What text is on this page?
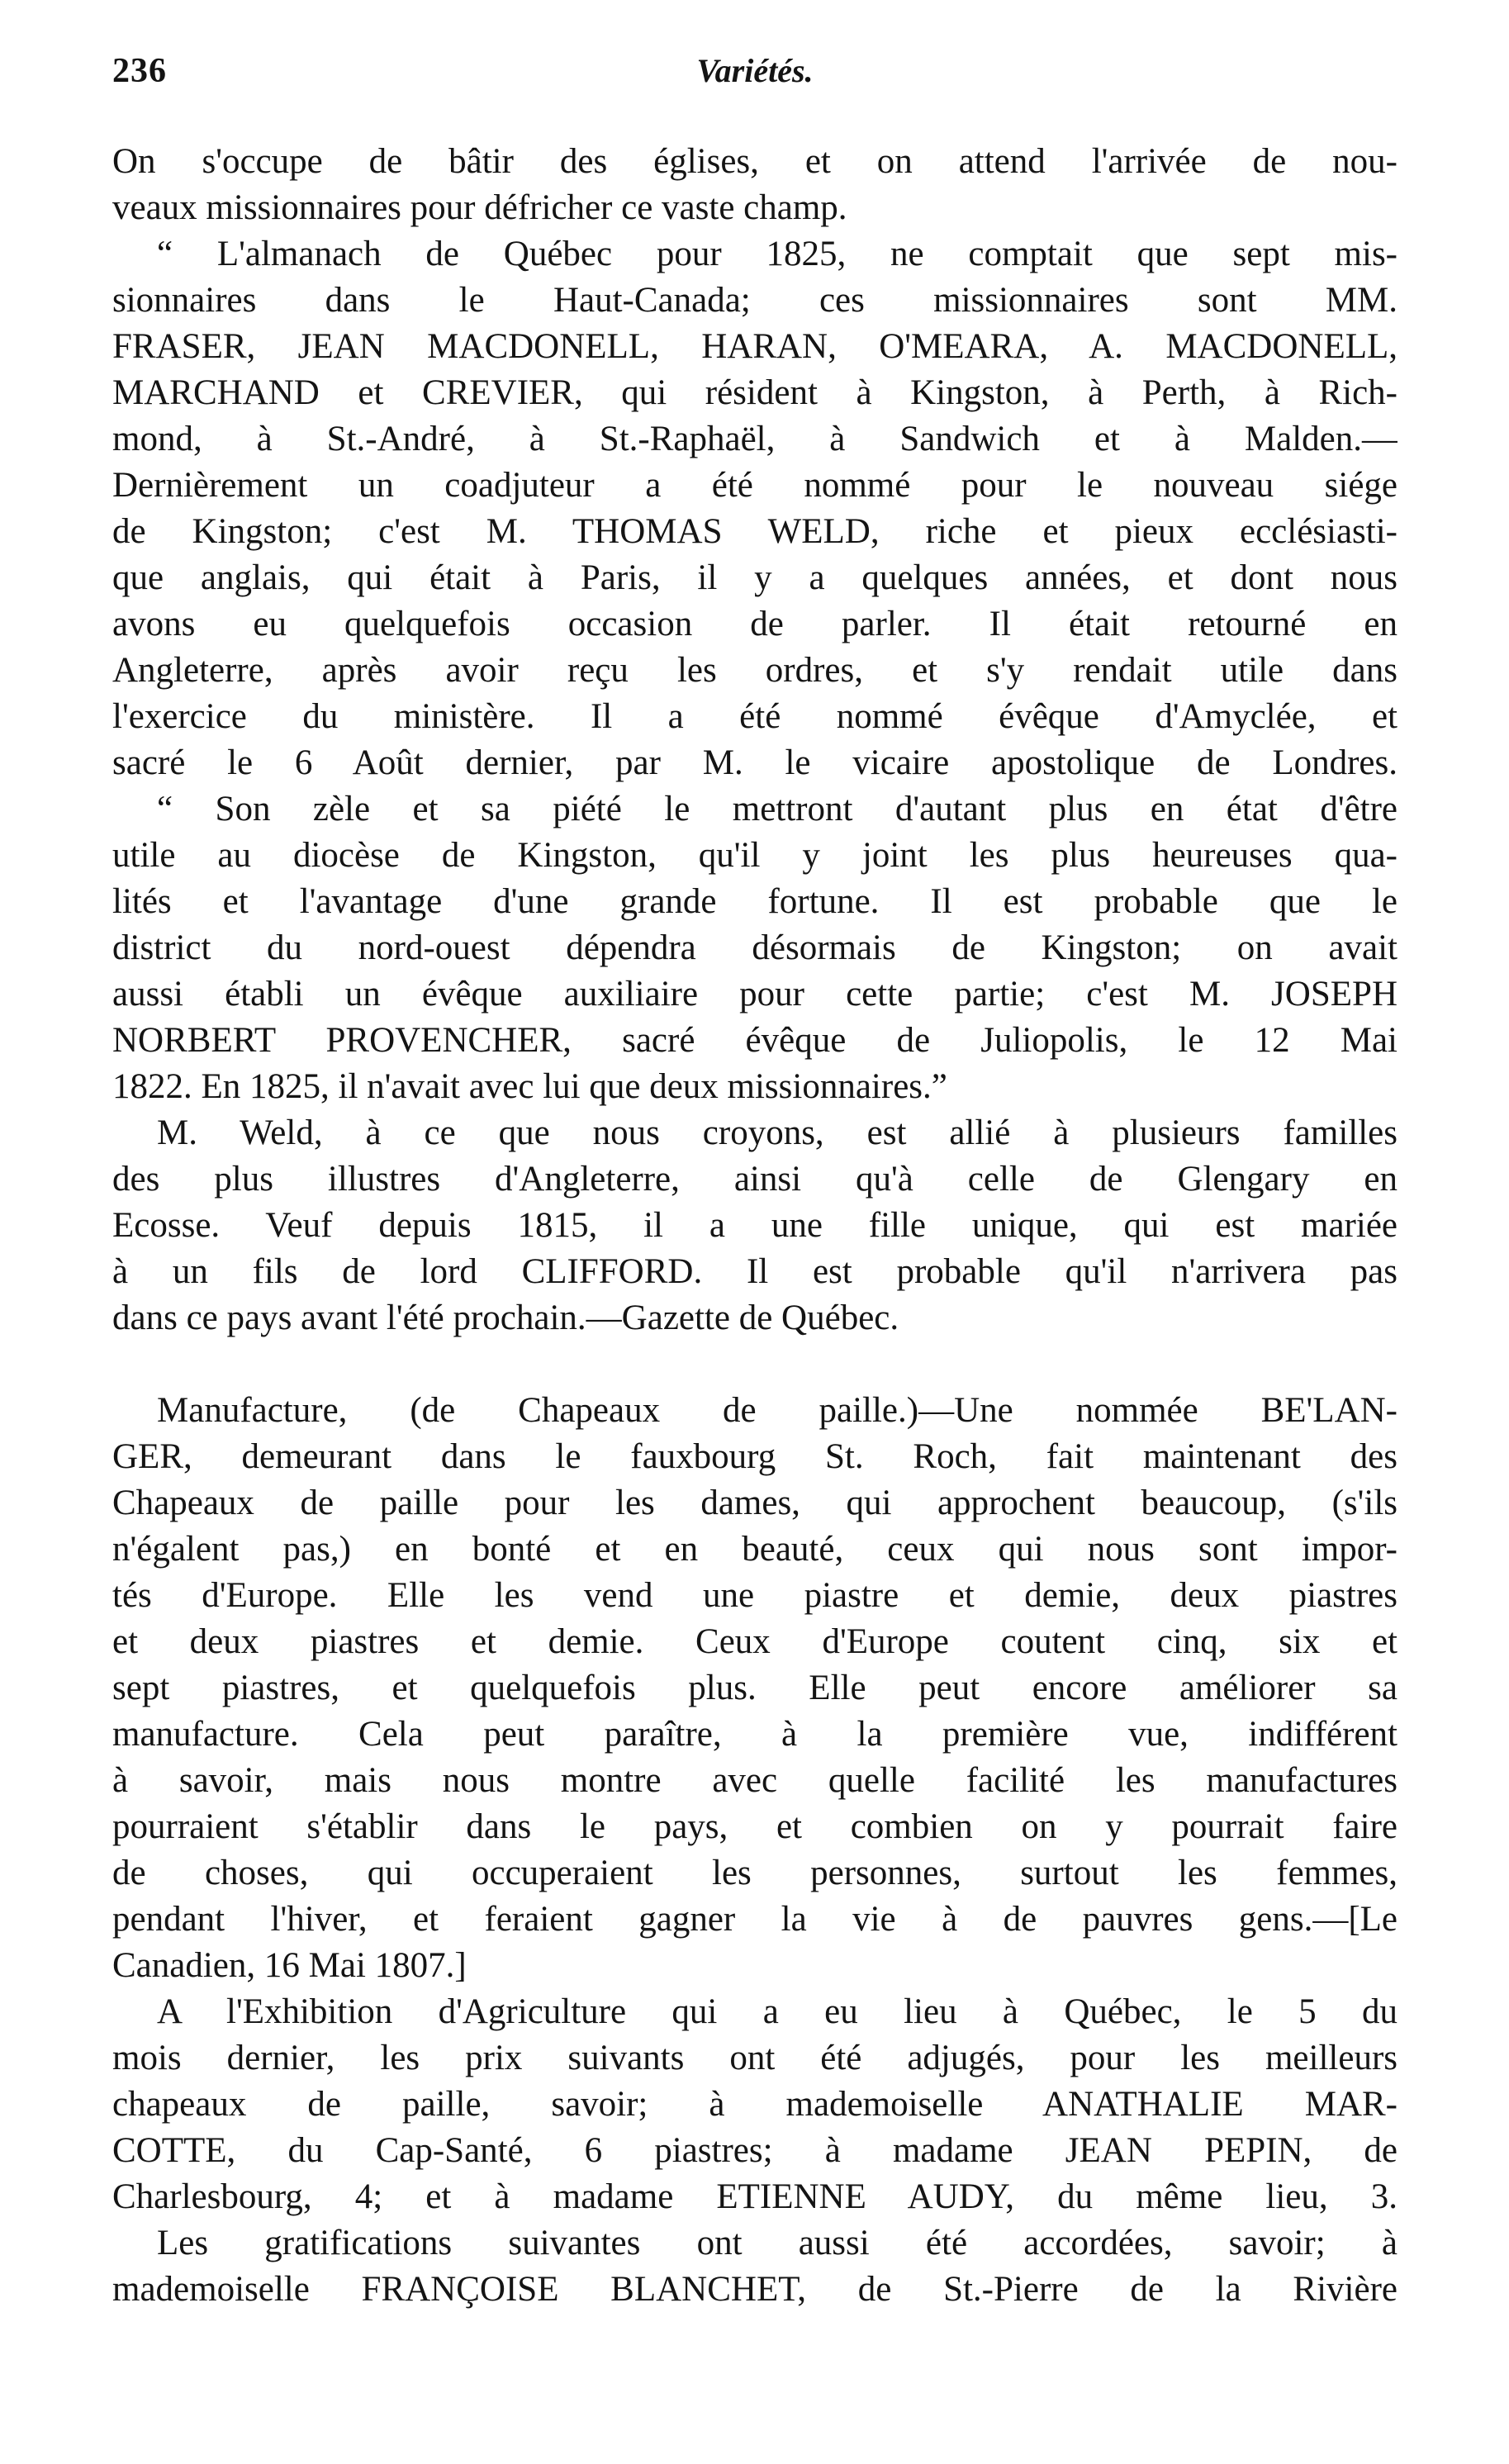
236	Variétés.
On s'occupe de bâtir des églises, et on attend l'arrivée de nou-
veaux missionnaires pour défricher ce vaste champ.
“ L'almanach de Québec pour 1825, ne comptait que sept mis-
sionnaires dans le Haut-Canada; ces missionnaires sont MM.
FRASER, JEAN MACDONELL, HARAN, O'MEARA, A. MACDONELL,
MARCHAND et CREVIER, qui résident à Kingston, à Perth, à Rich-
mond, à St.-André, à St.-Raphaël, à Sandwich et à Malden.—
Dernièrement un coadjuteur a été nommé pour le nouveau siége
de Kingston; c'est M. THOMAS WELD, riche et pieux ecclésiasti-
que anglais, qui était à Paris, il y a quelques années, et dont nous
avons eu quelquefois occasion de parler. Il était retourné en
Angleterre, après avoir reçu les ordres, et s'y rendait utile dans
l'exercice du ministère. Il a été nommé évêque d'Amyclée, et
sacré le 6 Août dernier, par M. le vicaire apostolique de Londres.
“ Son zèle et sa piété le mettront d'autant plus en état d'être
utile au diocèse de Kingston, qu'il y joint les plus heureuses qua-
lités et l'avantage d'une grande fortune. Il est probable que le
district du nord-ouest dépendra désormais de Kingston; on avait
aussi établi un évêque auxiliaire pour cette partie; c'est M. JOSEPH
NORBERT PROVENCHER, sacré évêque de Juliopolis, le 12 Mai
1822. En 1825, il n'avait avec lui que deux missionnaires.”
M. Weld, à ce que nous croyons, est allié à plusieurs familles
des plus illustres d'Angleterre, ainsi qu'à celle de Glengary en
Ecosse. Veuf depuis 1815, il a une fille unique, qui est mariée
à un fils de lord CLIFFORD. Il est probable qu'il n'arrivera pas
dans ce pays avant l'été prochain.—Gazette de Québec.
Manufacture, (de Chapeaux de paille.)—Une nommée BE'LAN-
GER, demeurant dans le fauxbourg St. Roch, fait maintenant des
Chapeaux de paille pour les dames, qui approchent beaucoup, (s'ils
n'égalent pas,) en bonté et en beauté, ceux qui nous sont impor-
tés d'Europe. Elle les vend une piastre et demie, deux piastres
et deux piastres et demie. Ceux d'Europe coutent cinq, six et
sept piastres, et quelquefois plus. Elle peut encore améliorer sa
manufacture. Cela peut paraître, à la première vue, indifférent
à savoir, mais nous montre avec quelle facilité les manufactures
pourraient s'établir dans le pays, et combien on y pourrait faire
de choses, qui occuperaient les personnes, surtout les femmes,
pendant l'hiver, et feraient gagner la vie à de pauvres gens.—[Le
Canadien, 16 Mai 1807.]
A l'Exhibition d'Agriculture qui a eu lieu à Québec, le 5 du
mois dernier, les prix suivants ont été adjugés, pour les meilleurs
chapeaux de paille, savoir; à mademoiselle ANATHALIE MAR-
COTTE, du Cap-Santé, 6 piastres; à madame JEAN PEPIN, de
Charlesbourg, 4; et à madame ETIENNE AUDY, du même lieu, 3.
Les gratifications suivantes ont aussi été accordées, savoir; à
mademoiselle FRANÇOISE BLANCHET, de St.-Pierre de la Rivière
